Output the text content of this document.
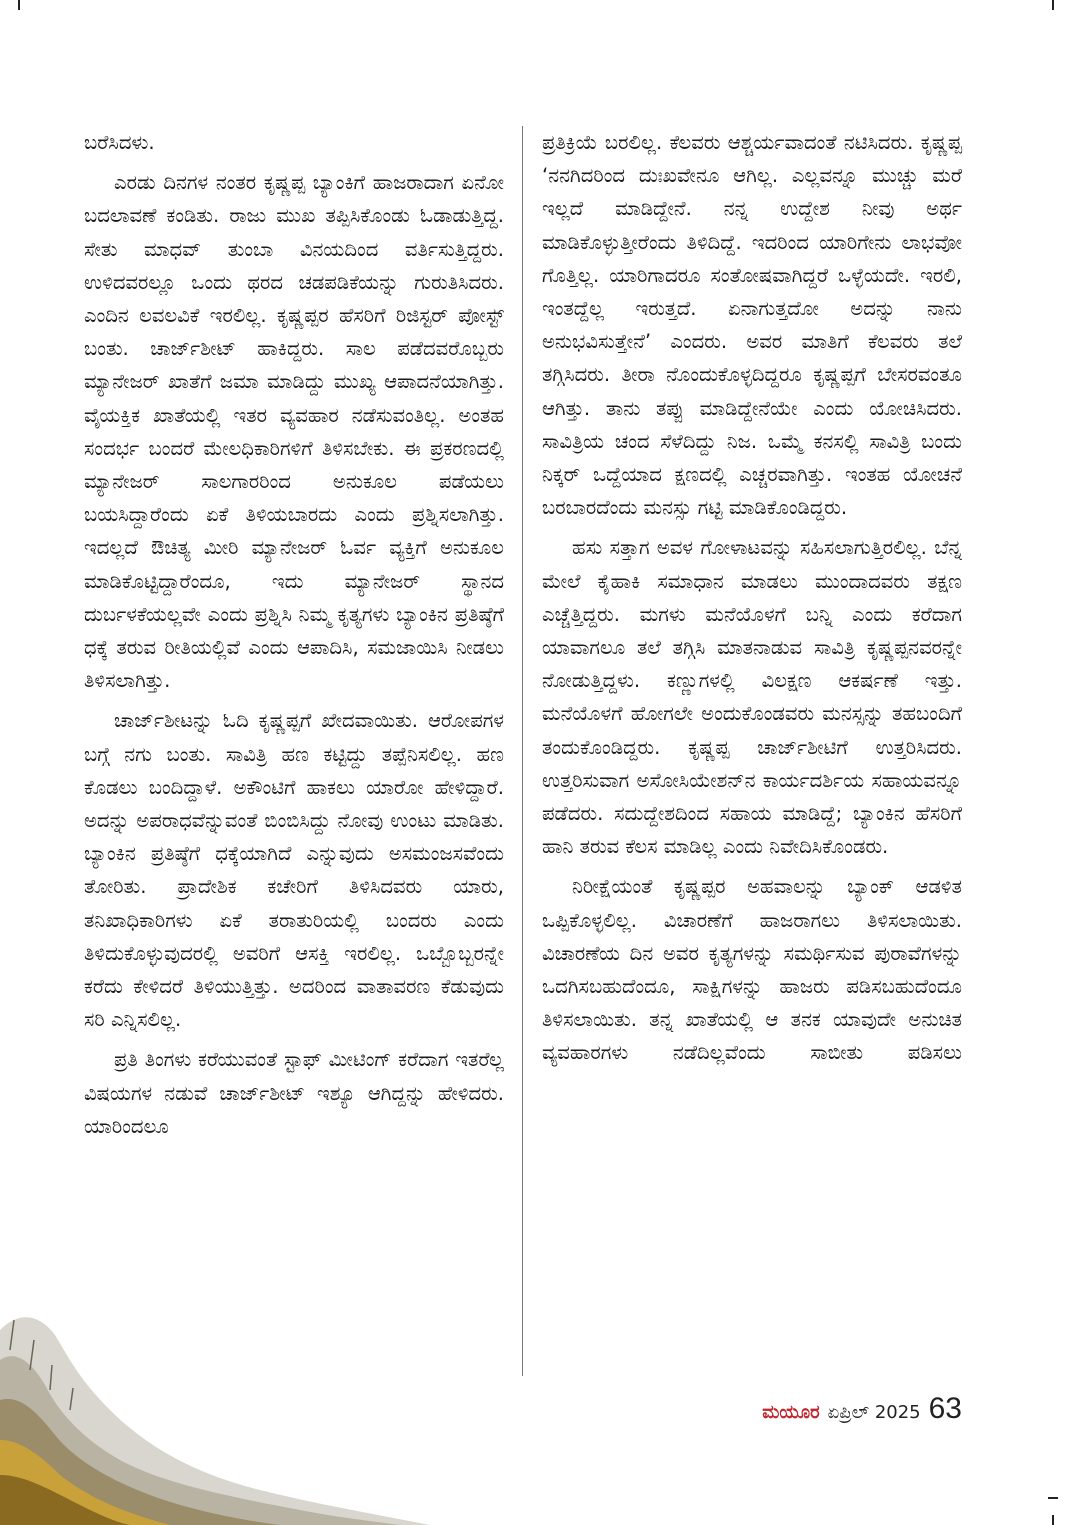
ಬರೆಸಿದಳು.

ಎರಡು ದಿನಗಳ ನಂತರ ಕೃಷ್ಣಪ್ಪ ಬ್ಯಾಂಕಿಗೆ ಹಾಜರಾದಾಗ ಏನೋ ಬದಲಾವಣೆ ಕಂಡಿತು. ರಾಜು ಮುಖ ತಪ್ಪಿಸಿಕೊಂಡು ಓಡಾಡುತ್ತಿದ್ದ. ಸೇತು ಮಾಧವ್ ತುಂಬಾ ವಿನಯದಿಂದ ವರ್ತಿಸುತ್ತಿದ್ದರು. ಉಳಿದವರಲ್ಲೂ ಒಂದು ಥರದ ಚಡಪಡಿಕೆಯನ್ನು ಗುರುತಿಸಿದರು. ಎಂದಿನ ಲವಲವಿಕೆ ಇರಲಿಲ್ಲ. ಕೃಷ್ಣಪ್ಪರ ಹೆಸರಿಗೆ ರಿಜಿಸ್ಟರ್ ಪೋಸ್ಟ್ ಬಂತು. ಚಾರ್ಜ್‌ಶೀಟ್ ಹಾಕಿದ್ದರು. ಸಾಲ ಪಡೆದವರೊಬ್ಬರು ಮ್ಯಾನೇಜರ್ ಖಾತೆಗೆ ಜಮಾ ಮಾಡಿದ್ದು ಮುಖ್ಯ ಆಪಾದನೆಯಾಗಿತ್ತು. ವೈಯಕ್ತಿಕ ಖಾತೆಯಲ್ಲಿ ಇತರ ವ್ಯವಹಾರ ನಡೆಸುವಂತಿಲ್ಲ. ಅಂತಹ ಸಂದರ್ಭ ಬಂದರೆ ಮೇಲಧಿಕಾರಿಗಳಿಗೆ ತಿಳಿಸಬೇಕು. ಈ ಪ್ರಕರಣದಲ್ಲಿ ಮ್ಯಾನೇಜರ್ ಸಾಲಗಾರರಿಂದ ಅನುಕೂಲ ಪಡೆಯಲು ಬಯಸಿದ್ದಾರೆಂದು ಏಕೆ ತಿಳಿಯಬಾರದು ಎಂದು ಪ್ರಶ್ನಿಸಲಾಗಿತ್ತು. ಇದಲ್ಲದೆ ಔಚಿತ್ಯ ಮೀರಿ ಮ್ಯಾನೇಜರ್ ಓರ್ವ ವ್ಯಕ್ತಿಗೆ ಅನುಕೂಲ ಮಾಡಿಕೊಟ್ಟಿದ್ದಾರೆಂದೂ, ಇದು ಮ್ಯಾನೇಜರ್ ಸ್ಥಾನದ ದುರ್ಬಳಕೆಯಲ್ಲವೇ ಎಂದು ಪ್ರಶ್ನಿಸಿ ನಿಮ್ಮ ಕೃತ್ಯಗಳು ಬ್ಯಾಂಕಿನ ಪ್ರತಿಷ್ಠೆಗೆ ಧಕ್ಕೆ ತರುವ ರೀತಿಯಲ್ಲಿವೆ ಎಂದು ಆಪಾದಿಸಿ, ಸಮಜಾಯಿಸಿ ನೀಡಲು ತಿಳಿಸಲಾಗಿತ್ತು.

ಚಾರ್ಜ್‌ಶೀಟನ್ನು ಓದಿ ಕೃಷ್ಣಪ್ಪಗೆ ಖೇದವಾಯಿತು. ಆರೋಪಗಳ ಬಗ್ಗೆ ನಗು ಬಂತು. ಸಾವಿತ್ರಿ ಹಣ ಕಟ್ಟಿದ್ದು ತಪ್ಪೆನಿಸಲಿಲ್ಲ. ಹಣ ಕೊಡಲು ಬಂದಿದ್ದಾಳೆ. ಅಕೌಂಟಿಗೆ ಹಾಕಲು ಯಾರೋ ಹೇಳಿದ್ದಾರೆ. ಅದನ್ನು ಅಪರಾಧವೆನ್ನುವಂತೆ ಬಿಂಬಿಸಿದ್ದು ನೋವು ಉಂಟು ಮಾಡಿತು. ಬ್ಯಾಂಕಿನ ಪ್ರತಿಷ್ಠೆಗೆ ಧಕ್ಕೆಯಾಗಿದೆ ಎನ್ನುವುದು ಅಸಮಂಜಸವೆಂದು ತೋರಿತು. ಪ್ರಾದೇಶಿಕ ಕಚೇರಿಗೆ ತಿಳಿಸಿದವರು ಯಾರು, ತನಿಖಾಧಿಕಾರಿಗಳು ಏಕೆ ತರಾತುರಿಯಲ್ಲಿ ಬಂದರು ಎಂದು ತಿಳಿದುಕೊಳ್ಳುವುದರಲ್ಲಿ ಅವರಿಗೆ ಆಸಕ್ತಿ ಇರಲಿಲ್ಲ. ಒಬ್ಬೊಬ್ಬರನ್ನೇ ಕರೆದು ಕೇಳಿದರೆ ತಿಳಿಯುತ್ತಿತ್ತು. ಅದರಿಂದ ವಾತಾವರಣ ಕೆಡುವುದು ಸರಿ ಎನ್ನಿಸಲಿಲ್ಲ.

ಪ್ರತಿ ತಿಂಗಳು ಕರೆಯುವಂತೆ ಸ್ಟಾಫ್ ಮೀಟಿಂಗ್ ಕರೆದಾಗ ಇತರೆಲ್ಲ ವಿಷಯಗಳ ನಡುವೆ ಚಾರ್ಜ್‌ಶೀಟ್ ಇಶ್ಯೂ ಆಗಿದ್ದನ್ನು ಹೇಳಿದರು. ಯಾರಿಂದಲೂ

ಪ್ರತಿಕ್ರಿಯೆ ಬರಲಿಲ್ಲ. ಕೆಲವರು ಆಶ್ಚರ್ಯವಾದಂತೆ ನಟಿಸಿದರು. ಕೃಷ್ಣಪ್ಪ ‘ನನಗಿದರಿಂದ ದುಃಖವೇನೂ ಆಗಿಲ್ಲ. ಎಲ್ಲವನ್ನೂ ಮುಚ್ಚು ಮರೆ ಇಲ್ಲದೆ ಮಾಡಿದ್ದೇನೆ. ನನ್ನ ಉದ್ದೇಶ ನೀವು ಅರ್ಥ ಮಾಡಿಕೊಳ್ಳುತ್ತೀರೆಂದು ತಿಳಿದಿದ್ದೆ. ಇದರಿಂದ ಯಾರಿಗೇನು ಲಾಭವೋ ಗೊತ್ತಿಲ್ಲ. ಯಾರಿಗಾದರೂ ಸಂತೋಷವಾಗಿದ್ದರೆ ಒಳ್ಳೆಯದೇ. ಇರಲಿ, ಇಂತದ್ದೆಲ್ಲ ಇರುತ್ತದೆ. ಏನಾಗುತ್ತದೋ ಅದನ್ನು ನಾನು ಅನುಭವಿಸುತ್ತೇನೆ’ ಎಂದರು. ಅವರ ಮಾತಿಗೆ ಕೆಲವರು ತಲೆ ತಗ್ಗಿಸಿದರು. ತೀರಾ ನೊಂದುಕೊಳ್ಳದಿದ್ದರೂ ಕೃಷ್ಣಪ್ಪಗೆ ಬೇಸರವಂತೂ ಆಗಿತ್ತು. ತಾನು ತಪ್ಪು ಮಾಡಿದ್ದೇನೆಯೇ ಎಂದು ಯೋಚಿಸಿದರು. ಸಾವಿತ್ರಿಯ ಚಂದ ಸೆಳೆದಿದ್ದು ನಿಜ. ಒಮ್ಮೆ ಕನಸಲ್ಲಿ ಸಾವಿತ್ರಿ ಬಂದು ನಿಕ್ಕರ್ ಒದ್ದೆಯಾದ ಕ್ಷಣದಲ್ಲಿ ಎಚ್ಚರವಾಗಿತ್ತು. ಇಂತಹ ಯೋಚನೆ ಬರಬಾರದೆಂದು ಮನಸ್ಸು ಗಟ್ಟಿ ಮಾಡಿಕೊಂಡಿದ್ದರು.

ಹಸು ಸತ್ತಾಗ ಅವಳ ಗೋಳಾಟವನ್ನು ಸಹಿಸಲಾಗುತ್ತಿರಲಿಲ್ಲ. ಬೆನ್ನ ಮೇಲೆ ಕೈಹಾಕಿ ಸಮಾಧಾನ ಮಾಡಲು ಮುಂದಾದವರು ತಕ್ಷಣ ಎಚ್ಚೆತ್ತಿದ್ದರು. ಮಗಳು ಮನೆಯೊಳಗೆ ಬನ್ನಿ ಎಂದು ಕರೆದಾಗ ಯಾವಾಗಲೂ ತಲೆ ತಗ್ಗಿಸಿ ಮಾತನಾಡುವ ಸಾವಿತ್ರಿ ಕೃಷ್ಣಪ್ಪನವರನ್ನೇ ನೋಡುತ್ತಿದ್ದಳು. ಕಣ್ಣುಗಳಲ್ಲಿ ವಿಲಕ್ಷಣ ಆಕರ್ಷಣೆ ಇತ್ತು. ಮನೆಯೊಳಗೆ ಹೋಗಲೇ ಅಂದುಕೊಂಡವರು ಮನಸ್ಸನ್ನು ತಹಬಂದಿಗೆ ತಂದುಕೊಂಡಿದ್ದರು. ಕೃಷ್ಣಪ್ಪ ಚಾರ್ಜ್‌ಶೀಟಿಗೆ ಉತ್ತರಿಸಿದರು. ಉತ್ತರಿಸುವಾಗ ಅಸೋಸಿಯೇಶನ್‌ನ ಕಾರ್ಯದರ್ಶಿಯ ಸಹಾಯವನ್ನೂ ಪಡೆದರು. ಸದುದ್ದೇಶದಿಂದ ಸಹಾಯ ಮಾಡಿದ್ದೆ; ಬ್ಯಾಂಕಿನ ಹೆಸರಿಗೆ ಹಾನಿ ತರುವ ಕೆಲಸ ಮಾಡಿಲ್ಲ ಎಂದು ನಿವೇದಿಸಿಕೊಂಡರು.

ನಿರೀಕ್ಷೆಯಂತೆ ಕೃಷ್ಣಪ್ಪರ ಅಹವಾಲನ್ನು ಬ್ಯಾಂಕ್ ಆಡಳಿತ ಒಪ್ಪಿಕೊಳ್ಳಲಿಲ್ಲ. ವಿಚಾರಣೆಗೆ ಹಾಜರಾಗಲು ತಿಳಿಸಲಾಯಿತು. ವಿಚಾರಣೆಯ ದಿನ ಅವರ ಕೃತ್ಯಗಳನ್ನು ಸಮರ್ಥಿಸುವ ಪುರಾವೆಗಳನ್ನು ಒದಗಿಸಬಹುದೆಂದೂ, ಸಾಕ್ಷಿಗಳನ್ನು ಹಾಜರು ಪಡಿಸಬಹುದೆಂದೂ ತಿಳಿಸಲಾಯಿತು. ತನ್ನ ಖಾತೆಯಲ್ಲಿ ಆ ತನಕ ಯಾವುದೇ ಅನುಚಿತ ವ್ಯವಹಾರಗಳು ನಡೆದಿಲ್ಲವೆಂದು ಸಾಬೀತು ಪಡಿಸಲು

ಮಯೂರ ಏಪ್ರಿಲ್ 2025 63
